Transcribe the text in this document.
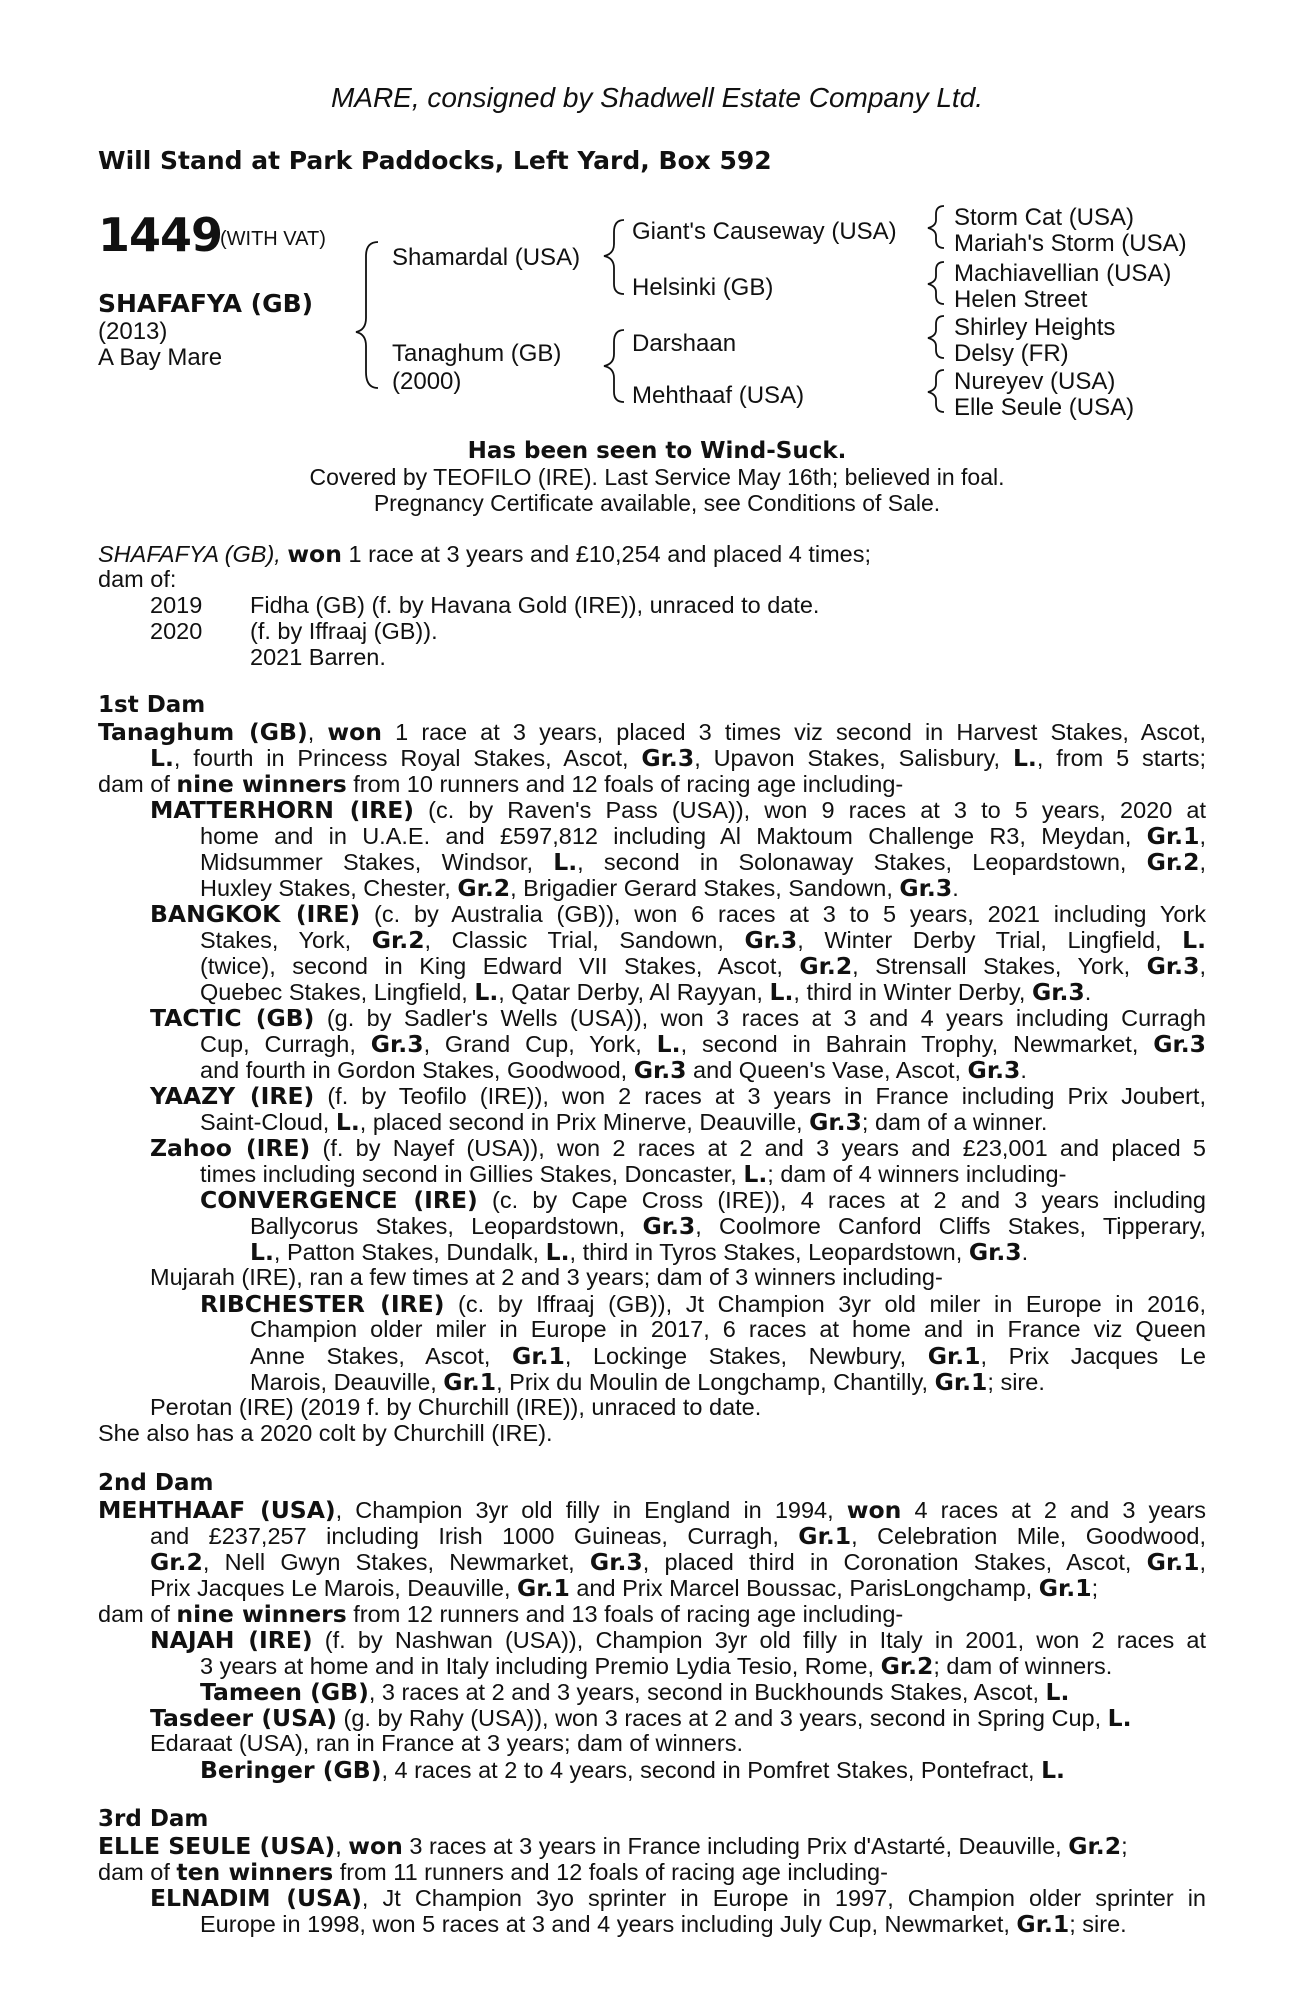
MARE, consigned by Shadwell Estate Company Ltd.
Will Stand at Park Paddocks, Left Yard, Box 592
1449
(WITH VAT)
SHAFAFYA (GB)
(2013)
A Bay Mare
Shamardal (USA)
Tanaghum (GB)
(2000)
Giant's Causeway (USA)
Helsinki (GB)
Darshaan
Mehthaaf (USA)
Storm Cat (USA)
Mariah's Storm (USA)
Machiavellian (USA)
Helen Street
Shirley Heights
Delsy (FR)
Nureyev (USA)
Elle Seule (USA)
Has been seen to Wind-Suck.
Covered by TEOFILO (IRE). Last Service May 16th; believed in foal.
Pregnancy Certificate available, see Conditions of Sale.
SHAFAFYA (GB), won 1 race at 3 years and £10,254 and placed 4 times;
dam of:
2019 Fidha (GB) (f. by Havana Gold (IRE)), unraced to date.
2020 (f. by Iffraaj (GB)).
2021 Barren.
1st Dam
Tanaghum (GB), won 1 race at 3 years, placed 3 times viz second in Harvest Stakes, Ascot,
L., fourth in Princess Royal Stakes, Ascot, Gr.3, Upavon Stakes, Salisbury, L., from 5 starts;
dam of nine winners from 10 runners and 12 foals of racing age including-
MATTERHORN (IRE) (c. by Raven's Pass (USA)), won 9 races at 3 to 5 years, 2020 at
home and in U.A.E. and £597,812 including Al Maktoum Challenge R3, Meydan, Gr.1,
Midsummer Stakes, Windsor, L., second in Solonaway Stakes, Leopardstown, Gr.2,
Huxley Stakes, Chester, Gr.2, Brigadier Gerard Stakes, Sandown, Gr.3.
BANGKOK (IRE) (c. by Australia (GB)), won 6 races at 3 to 5 years, 2021 including York
Stakes, York, Gr.2, Classic Trial, Sandown, Gr.3, Winter Derby Trial, Lingfield, L.
(twice), second in King Edward VII Stakes, Ascot, Gr.2, Strensall Stakes, York, Gr.3,
Quebec Stakes, Lingfield, L., Qatar Derby, Al Rayyan, L., third in Winter Derby, Gr.3.
TACTIC (GB) (g. by Sadler's Wells (USA)), won 3 races at 3 and 4 years including Curragh
Cup, Curragh, Gr.3, Grand Cup, York, L., second in Bahrain Trophy, Newmarket, Gr.3
and fourth in Gordon Stakes, Goodwood, Gr.3 and Queen's Vase, Ascot, Gr.3.
YAAZY (IRE) (f. by Teofilo (IRE)), won 2 races at 3 years in France including Prix Joubert,
Saint-Cloud, L., placed second in Prix Minerve, Deauville, Gr.3; dam of a winner.
Zahoo (IRE) (f. by Nayef (USA)), won 2 races at 2 and 3 years and £23,001 and placed 5
times including second in Gillies Stakes, Doncaster, L.; dam of 4 winners including-
CONVERGENCE (IRE) (c. by Cape Cross (IRE)), 4 races at 2 and 3 years including
Ballycorus Stakes, Leopardstown, Gr.3, Coolmore Canford Cliffs Stakes, Tipperary,
L., Patton Stakes, Dundalk, L., third in Tyros Stakes, Leopardstown, Gr.3.
Mujarah (IRE), ran a few times at 2 and 3 years; dam of 3 winners including-
RIBCHESTER (IRE) (c. by Iffraaj (GB)), Jt Champion 3yr old miler in Europe in 2016,
Champion older miler in Europe in 2017, 6 races at home and in France viz Queen
Anne Stakes, Ascot, Gr.1, Lockinge Stakes, Newbury, Gr.1, Prix Jacques Le
Marois, Deauville, Gr.1, Prix du Moulin de Longchamp, Chantilly, Gr.1; sire.
Perotan (IRE) (2019 f. by Churchill (IRE)), unraced to date.
She also has a 2020 colt by Churchill (IRE).
2nd Dam
MEHTHAAF (USA), Champion 3yr old filly in England in 1994, won 4 races at 2 and 3 years
and £237,257 including Irish 1000 Guineas, Curragh, Gr.1, Celebration Mile, Goodwood,
Gr.2, Nell Gwyn Stakes, Newmarket, Gr.3, placed third in Coronation Stakes, Ascot, Gr.1,
Prix Jacques Le Marois, Deauville, Gr.1 and Prix Marcel Boussac, ParisLongchamp, Gr.1;
dam of nine winners from 12 runners and 13 foals of racing age including-
NAJAH (IRE) (f. by Nashwan (USA)), Champion 3yr old filly in Italy in 2001, won 2 races at
3 years at home and in Italy including Premio Lydia Tesio, Rome, Gr.2; dam of winners.
Tameen (GB), 3 races at 2 and 3 years, second in Buckhounds Stakes, Ascot, L.
Tasdeer (USA) (g. by Rahy (USA)), won 3 races at 2 and 3 years, second in Spring Cup, L.
Edaraat (USA), ran in France at 3 years; dam of winners.
Beringer (GB), 4 races at 2 to 4 years, second in Pomfret Stakes, Pontefract, L.
3rd Dam
ELLE SEULE (USA), won 3 races at 3 years in France including Prix d'Astarté, Deauville, Gr.2;
dam of ten winners from 11 runners and 12 foals of racing age including-
ELNADIM (USA), Jt Champion 3yo sprinter in Europe in 1997, Champion older sprinter in
Europe in 1998, won 5 races at 3 and 4 years including July Cup, Newmarket, Gr.1; sire.
